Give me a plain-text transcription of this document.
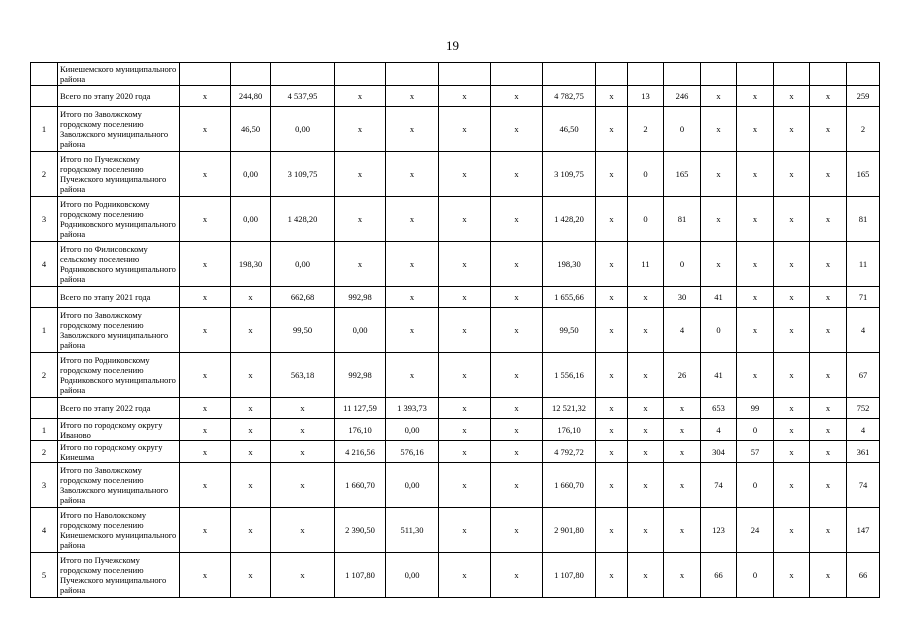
19
	Кинешемского муниципального района																
	Всего по этапу 2020 года	х	244,80	4 537,95	х	х	х	х	4 782,75	х	13	246	х	х	х	х	259
1	Итого по Заволжскому городскому поселению Заволжского муниципального района	х	46,50	0,00	х	х	х	х	46,50	х	2	0	х	х	х	х	2
2	Итого по Пучежскому городскому поселению Пучежского муниципального района	х	0,00	3 109,75	х	х	х	х	3 109,75	х	0	165	х	х	х	х	165
3	Итого по Родниковскому городскому поселению Родниковского муниципального района	х	0,00	1 428,20	х	х	х	х	1 428,20	х	0	81	х	х	х	х	81
4	Итого по Филисовскому сельскому поселению Родниковского муниципального района	х	198,30	0,00	х	х	х	х	198,30	х	11	0	х	х	х	х	11
	Всего по этапу 2021 года	х	х	662,68	992,98	х	х	х	1 655,66	х	х	30	41	х	х	х	71
1	Итого по Заволжскому городскому поселению Заволжского муниципального района	х	х	99,50	0,00	х	х	х	99,50	х	х	4	0	х	х	х	4
2	Итого по Родниковскому городскому поселению Родниковского муниципального района	х	х	563,18	992,98	х	х	х	1 556,16	х	х	26	41	х	х	х	67
	Всего по этапу 2022 года	х	х	х	11 127,59	1 393,73	х	х	12 521,32	х	х	х	653	99	х	х	752
1	Итого по городскому округу Иваново	х	х	х	176,10	0,00	х	х	176,10	х	х	х	4	0	х	х	4
2	Итого по городскому округу Кинешма	х	х	х	4 216,56	576,16	х	х	4 792,72	х	х	х	304	57	х	х	361
3	Итого по Заволжскому городскому поселению Заволжского муниципального района	х	х	х	1 660,70	0,00	х	х	1 660,70	х	х	х	74	0	х	х	74
4	Итого по Наволокскому городскому поселению Кинешемского муниципального района	х	х	х	2 390,50	511,30	х	х	2 901,80	х	х	х	123	24	х	х	147
5	Итого по Пучежскому городскому поселению Пучежского муниципального района	х	х	х	1 107,80	0,00	х	х	1 107,80	х	х	х	66	0	х	х	66
